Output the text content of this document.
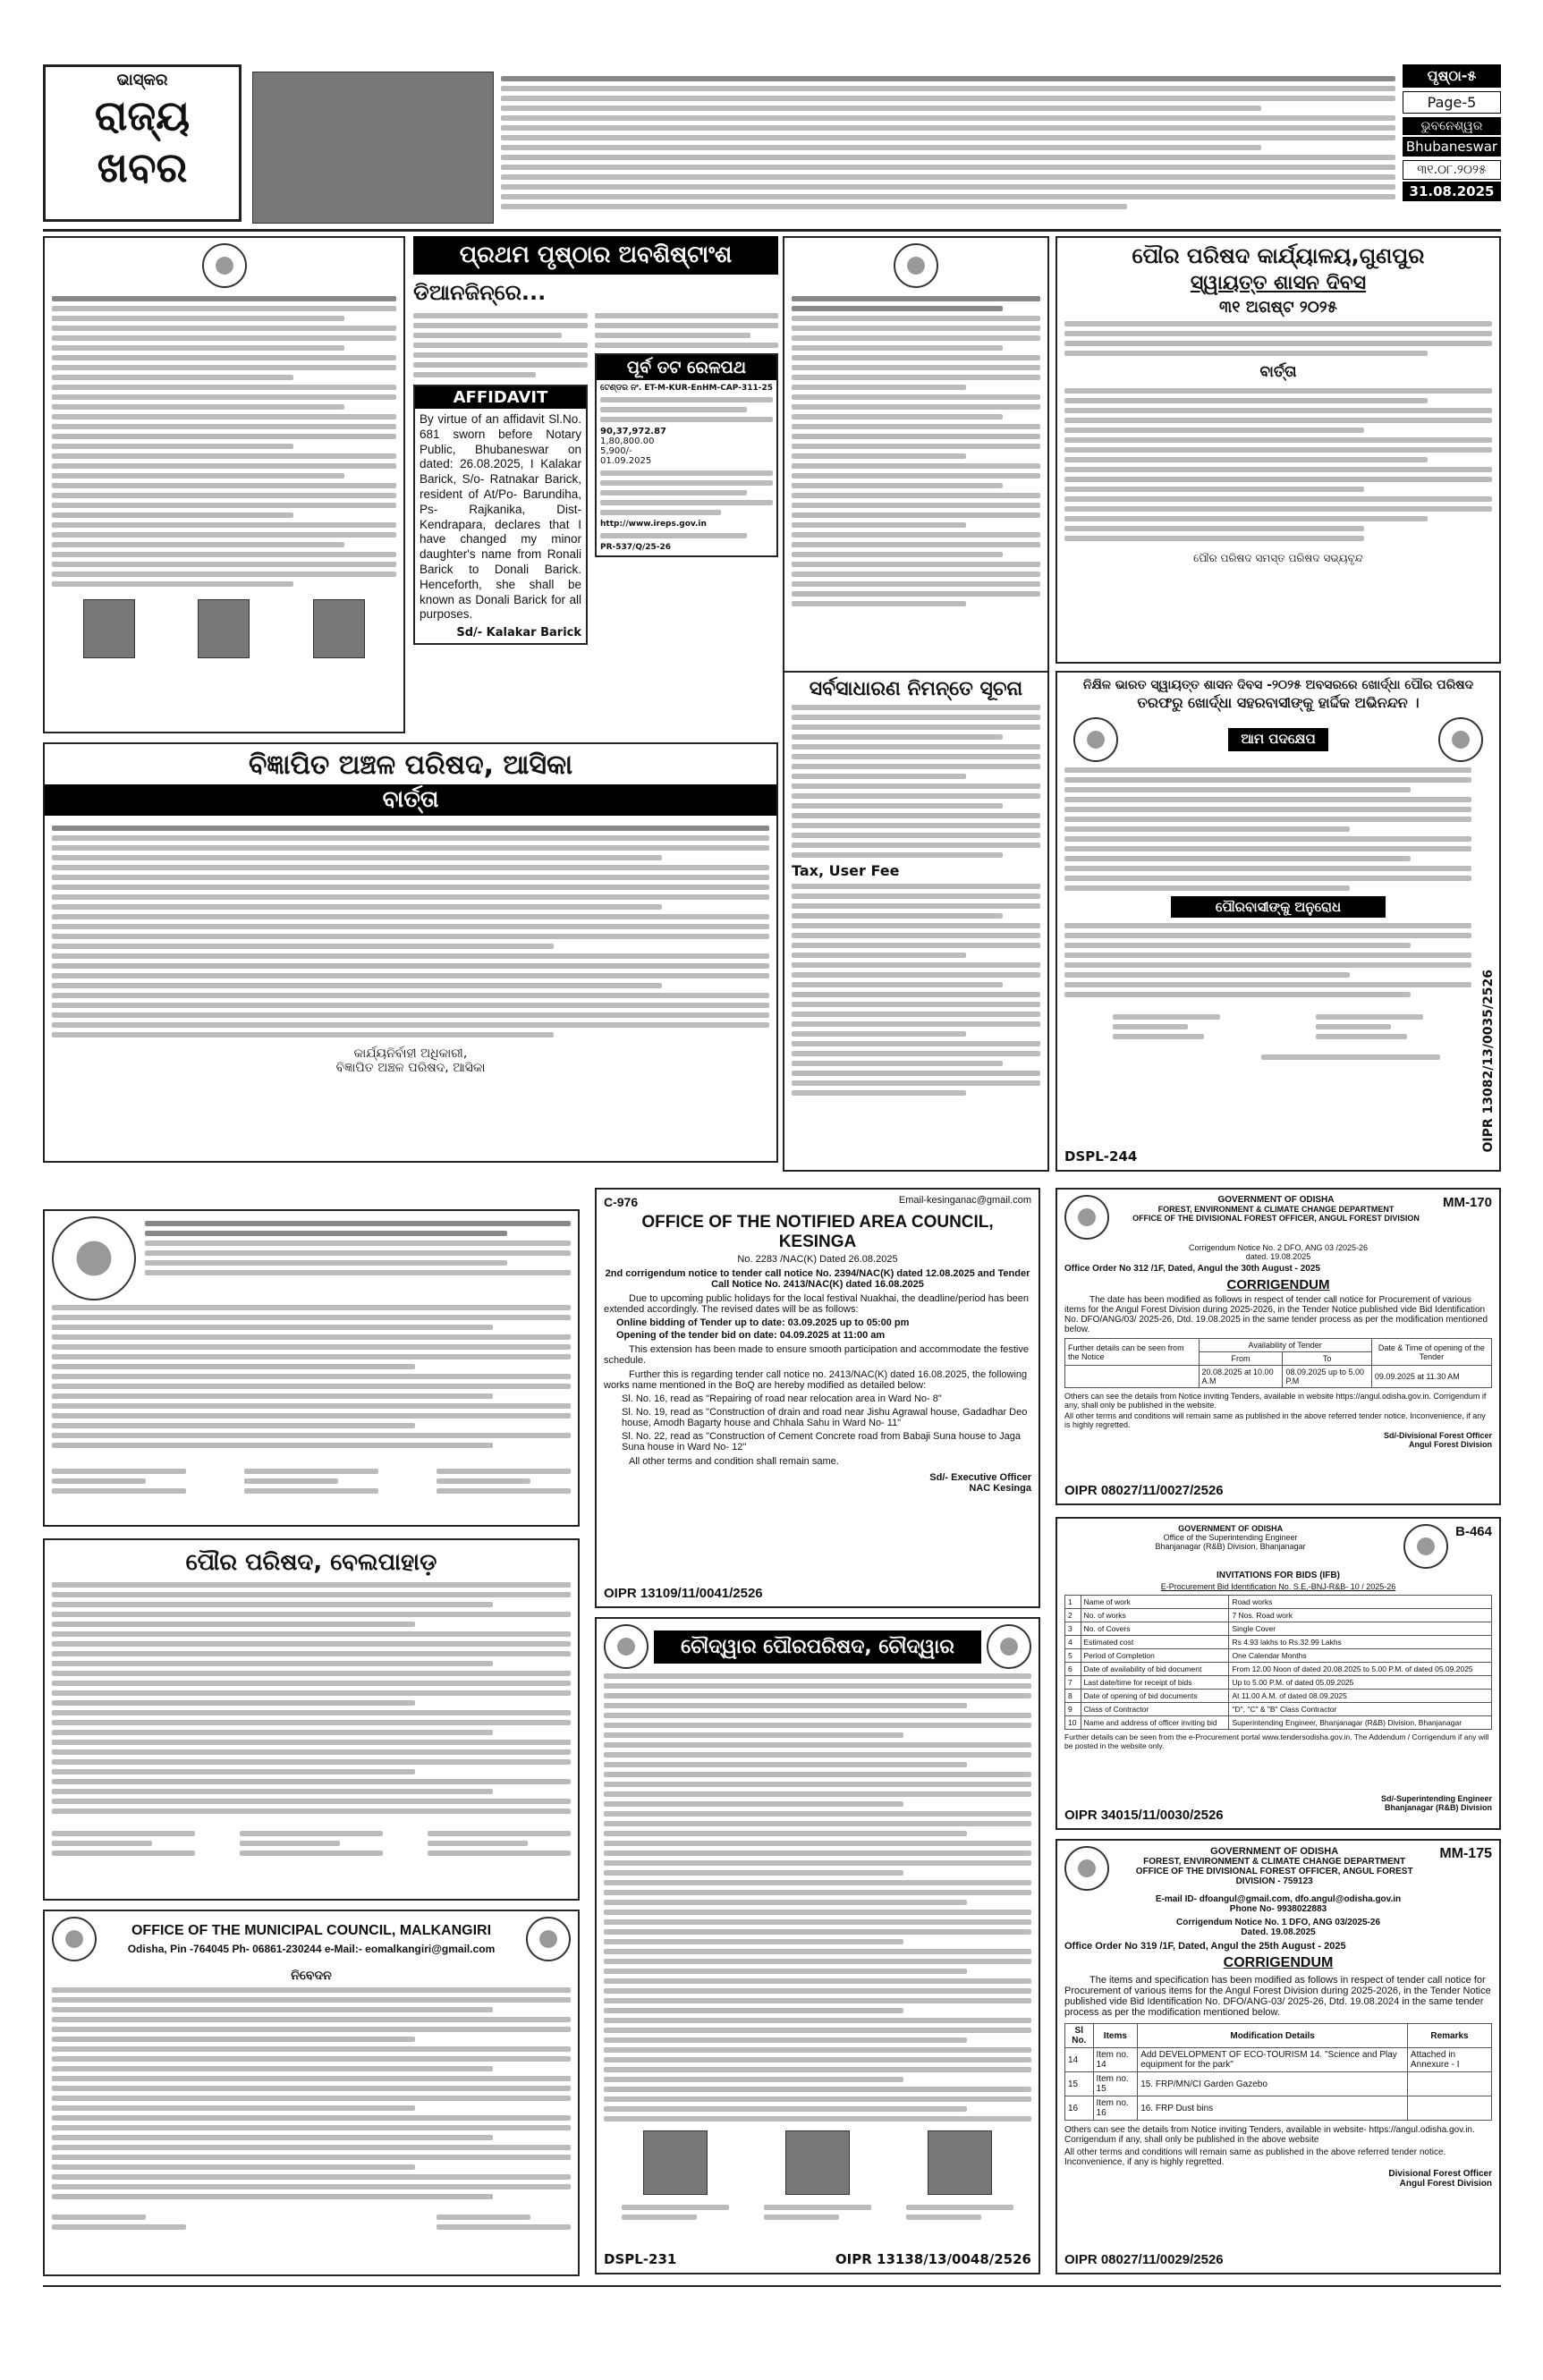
ଭାସ୍କର
ରାଜ୍ୟ
ଖବର
ପୃଷ୍ଠା-୫
Page-5
ଭୁବନେଶ୍ୱର
Bhubaneswar
୩୧.୦୮.୨୦୨୫
31.08.2025
ପ୍ରଥମ ପୃଷ୍ଠାର ଅବଶିଷ୍ଟାଂଶ
ଡିଆନଜିନ୍‌ରେ...
AFFIDAVIT
By virtue of an affidavit Sl.No. 681 sworn before Notary Public, Bhubaneswar on dated: 26.08.2025, I Kalakar Barick, S/o- Ratnakar Barick, resident of At/Po- Barundiha, Ps- Rajkanika, Dist- Kendrapara, declares that I have changed my minor daughter's name from Ronali Barick to Donali Barick. Henceforth, she shall be known as Donali Barick for all purposes.
Sd/- Kalakar Barick
ପୂର୍ବ ତଟ ରେଳପଥ
ଟେଣ୍ଡର ନଂ. ET-M-KUR-EnHM-CAP-311-25
90,37,972.87
1,80,800.00
5,900/-
01.09.2025
http://www.ireps.gov.in
PR-537/Q/25-26
ପୌର ପରିଷଦ କାର୍ଯ୍ୟାଳୟ,ଗୁଣପୁର
ସ୍ୱାୟତ୍ତ ଶାସନ ଦିବସ
୩୧ ଅଗଷ୍ଟ ୨୦୨୫
ବାର୍ତ୍ତା
ପୌର ପରିଷଦ ସମସ୍ତ ପରିଷଦ ସଭ୍ୟବୃନ୍ଦ
ବିଜ୍ଞାପିତ ଅଞ୍ଚଳ ପରିଷଦ, ଆସିକା
ବାର୍ତ୍ତା
କାର୍ଯ୍ୟନିର୍ବାହୀ ଅଧିକାରୀ,
ବିଜ୍ଞାପିତ ଅଞ୍ଚଳ ପରିଷଦ, ଆସିକା
ସର୍ବସାଧାରଣ ନିମନ୍ତେ ସୂଚନା
Tax, User Fee
ନିକ୍ଷିଳ ଭାରତ ସ୍ୱାୟତ୍ତ ଶାସନ ଦିବସ -୨୦୨୫ ଅବସରରେ ଖୋର୍ଦ୍ଧା ପୌର ପରିଷଦ
ତରଫରୁ ଖୋର୍ଦ୍ଧା ସହରବାସୀଙ୍କୁ ହାର୍ଦ୍ଦିକ ଅଭିନନ୍ଦନ ।
ଆମ ପଦକ୍ଷେପ
ପୌରବାସୀଙ୍କୁ ଅନୁରୋଧ
DSPL-244
OIPR 13082/13/0035/2526
C-976	Email-kesinganac@gmail.com
OFFICE OF THE NOTIFIED AREA COUNCIL, KESINGA
No. 2283 /NAC(K) Dated 26.08.2025
2nd corrigendum notice to tender call notice No. 2394/NAC(K) dated 12.08.2025 and Tender Call Notice No. 2413/NAC(K) dated 16.08.2025
Due to upcoming public holidays for the local festival Nuakhai, the deadline/period has been extended accordingly. The revised dates will be as follows:
Online bidding of Tender up to date: 03.09.2025 up to 05:00 pm
Opening of the tender bid on date: 04.09.2025 at 11:00 am
This extension has been made to ensure smooth participation and accommodate the festive schedule.
Further this is regarding tender call notice no. 2413/NAC(K) dated 16.08.2025, the following works name mentioned in the BoQ are hereby modified as detailed below:
Sl. No. 16, read as "Repairing of road near relocation area in Ward No- 8"
Sl. No. 19, read as "Construction of drain and road near Jishu Agrawal house, Gadadhar Deo house, Amodh Bagarty house and Chhala Sahu in Ward No- 11"
Sl. No. 22, read as "Construction of Cement Concrete road from Babaji Suna house to Jaga Suna house in Ward No- 12"
All other terms and condition shall remain same.
Sd/- Executive Officer
NAC Kesinga
OIPR 13109/11/0041/2526
GOVERNMENT OF ODISHA
FOREST, ENVIRONMENT & CLIMATE CHANGE DEPARTMENT
OFFICE OF THE DIVISIONAL FOREST OFFICER, ANGUL FOREST DIVISION
MM-170
Corrigendum Notice No. 2 DFO, ANG 03 /2025-26
dated. 19.08.2025
Office Order No 312 /1F, Dated, Angul the 30th August - 2025
CORRIGENDUM
The date has been modified as follows in respect of tender call notice for Procurement of various items for the Angul Forest Division during 2025-2026, in the Tender Notice published vide Bid Identification No. DFO/ANG/03/ 2025-26, Dtd. 19.08.2025 in the same tender process as per the modification mentioned below.
Further details can be seen from the Notice	Availability of Tender		Date & Time of opening of the Tender
	From	To	
	20.08.2025 at 10.00 A.M	08.09.2025 up to 5.00 P.M	09.09.2025 at 11.30 AM
Others can see the details from Notice inviting Tenders, available in website https://angul.odisha.gov.in. Corrigendum if any, shall only be published in the website.
All other terms and conditions will remain same as published in the above referred tender notice. Inconvenience, if any is highly regretted.
Sd/-Divisional Forest Officer
Angul Forest Division
OIPR 08027/11/0027/2526
ପୌର ପରିଷଦ, ବେଲପାହାଡ଼
ଚୌଦ୍ୱାର ପୌରପରିଷଦ, ଚୌଦ୍ୱାର
DSPL-231	OIPR 13138/13/0048/2526
GOVERNMENT OF ODISHA
Office of the Superintending Engineer
Bhanjanagar (R&B) Division, Bhanjanagar
B-464
INVITATIONS FOR BIDS (IFB)
E-Procurement Bid Identification No. S.E.-BNJ-R&B- 10 / 2025-26
1	Name of work	Road works
2	No. of works	7 Nos. Road work
3	No. of Covers	Single Cover
4	Estimated cost	Rs 4.93 lakhs to Rs.32.99 Lakhs
5	Period of Completion	One Calendar Months
6	Date of availability of bid document	From 12.00 Noon of dated 20.08.2025 to 5.00 P.M. of dated 05.09.2025
7	Last date/time for receipt of bids	Up to 5.00 P.M. of dated 05.09.2025
8	Date of opening of bid documents	At 11.00 A.M. of dated 08.09.2025
9	Class of Contractor	"D", "C" & "B" Class Contractor
10	Name and address of officer inviting bid	Superintending Engineer, Bhanjanagar (R&B) Division, Bhanjanagar
Further details can be seen from the e-Procurement portal www.tendersodisha.gov.in. The Addendum / Corrigendum if any will be posted in the website only.
Sd/-Superintending Engineer
Bhanjanagar (R&B) Division
OIPR 34015/11/0030/2526
OFFICE OF THE MUNICIPAL COUNCIL, MALKANGIRI
Odisha, Pin -764045 Ph- 06861-230244 e-Mail:- eomalkangiri@gmail.com
ନିବେଦନ
GOVERNMENT OF ODISHA
FOREST, ENVIRONMENT & CLIMATE CHANGE DEPARTMENT
OFFICE OF THE DIVISIONAL FOREST OFFICER, ANGUL FOREST DIVISION - 759123
MM-175
E-mail ID- dfoangul@gmail.com, dfo.angul@odisha.gov.in
Phone No- 9938022883
Corrigendum Notice No. 1 DFO, ANG 03/2025-26
Dated. 19.08.2025
Office Order No 319 /1F, Dated, Angul the 25th August - 2025
CORRIGENDUM
The items and specification has been modified as follows in respect of tender call notice for Procurement of various items for the Angul Forest Division during 2025-2026, in the Tender Notice published vide Bid Identification No. DFO/ANG-03/ 2025-26, Dtd. 19.08.2024 in the same tender process as per the modification mentioned below.
Sl No.	Items	Modification Details	Remarks
14	Item no. 14	Add DEVELOPMENT OF ECO-TOURISM 14. "Science and Play equipment for the park"	Attached in Annexure - I
15	Item no. 15	15. FRP/MN/CI Garden Gazebo	
16	Item no. 16	16. FRP Dust bins	
Others can see the details from Notice inviting Tenders, available in website- https://angul.odisha.gov.in. Corrigendum if any, shall only be published in the above website
All other terms and conditions will remain same as published in the above referred tender notice. Inconvenience, if any is highly regretted.
Divisional Forest Officer
Angul Forest Division
OIPR 08027/11/0029/2526
